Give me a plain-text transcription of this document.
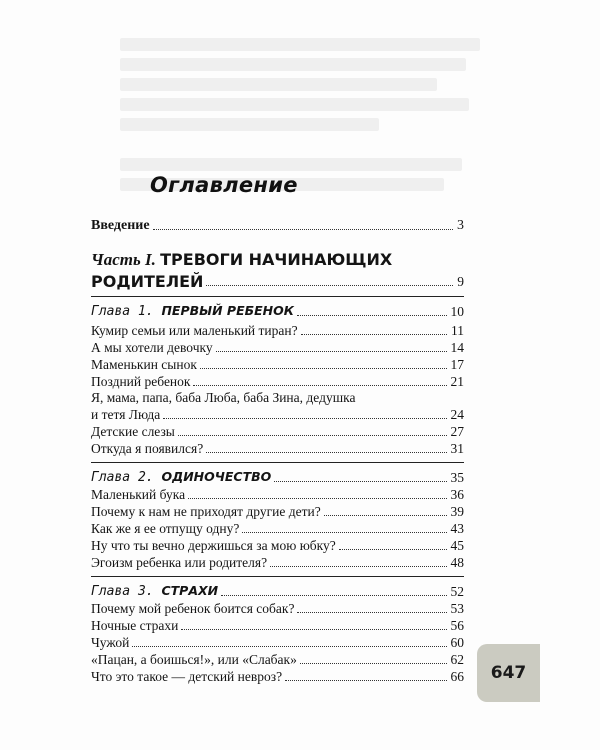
Оглавление
Введение	3
Часть I. ТРЕВОГИ НАЧИНАЮЩИХ
РОДИТЕЛЕЙ	9
Глава 1. ПЕРВЫЙ РЕБЕНОК	10
Кумир семьи или маленький тиран?	11
А мы хотели девочку	14
Маменькин сынок	17
Поздний ребенок	21
Я, мама, папа, баба Люба, баба Зина, дедушка
и тетя Люда	24
Детские слезы	27
Откуда я появился?	31
Глава 2. ОДИНОЧЕСТВО	35
Маленький бука	36
Почему к нам не приходят другие дети?	39
Как же я ее отпущу одну?	43
Ну что ты вечно держишься за мою юбку?	45
Эгоизм ребенка или родителя?	48
Глава 3. СТРАХИ	52
Почему мой ребенок боится собак?	53
Ночные страхи	56
Чужой	60
«Пацан, а боишься!», или «Слабак»	62
Что это такое — детский невроз?	66	647
